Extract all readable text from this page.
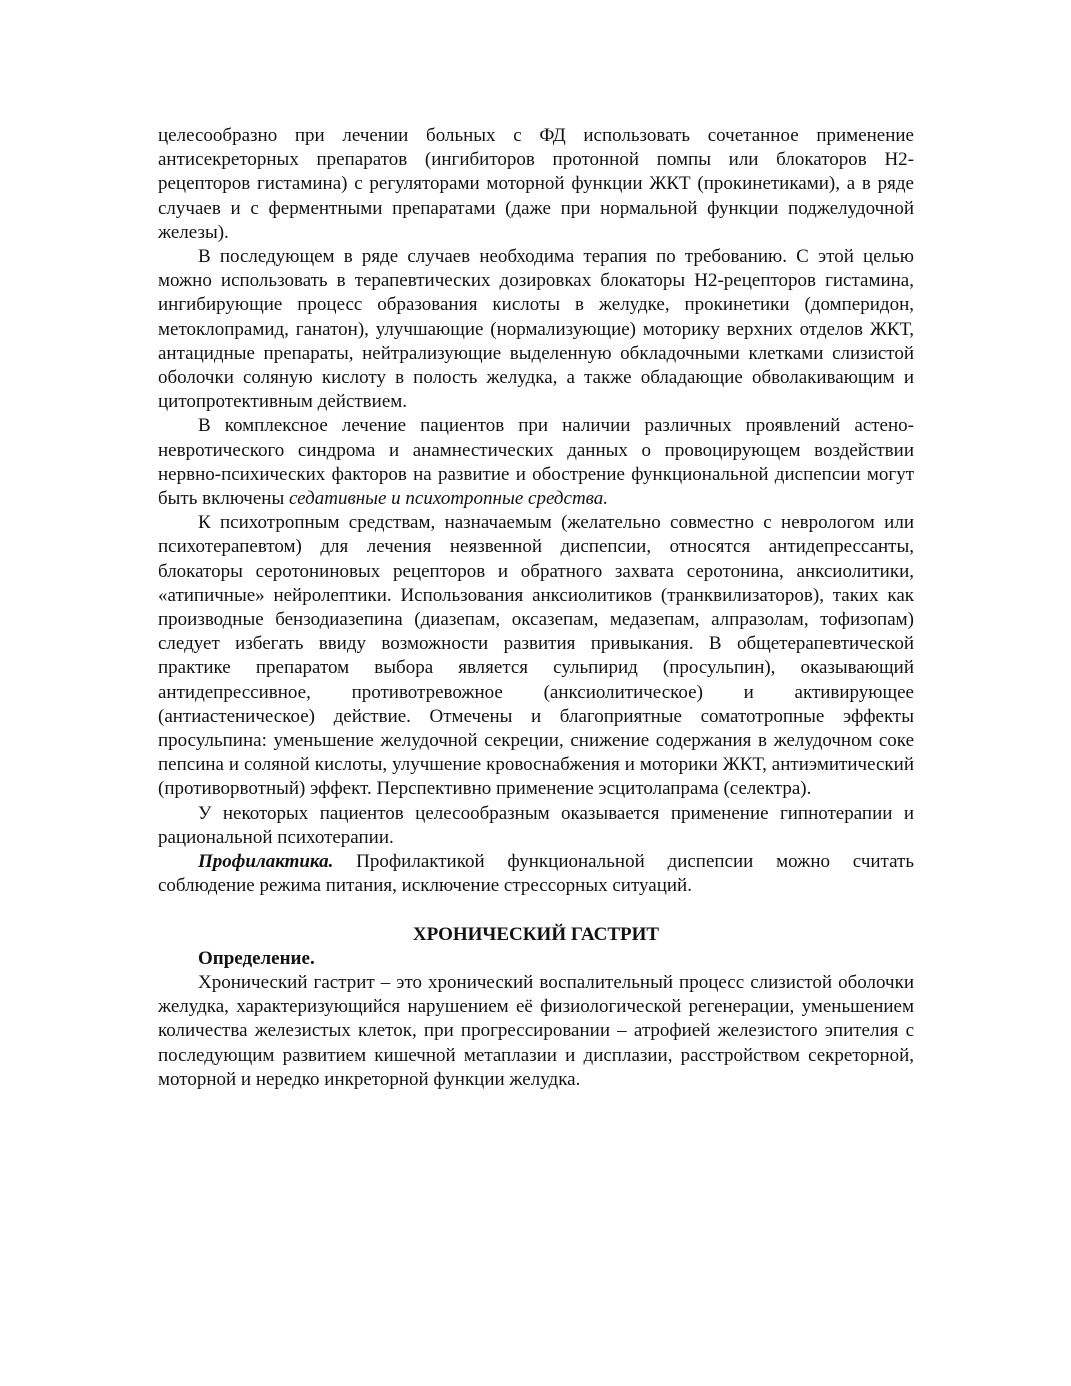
целесообразно при лечении больных с ФД использовать сочетанное применение антисекреторных препаратов (ингибиторов протонной помпы или блокаторов Н2-рецепторов гистамина) с регуляторами моторной функции ЖКТ (прокинетиками), а в ряде случаев и с ферментными препаратами (даже при нормальной функции поджелудочной железы).

В последующем в ряде случаев необходима терапия по требованию. С этой целью можно использовать в терапевтических дозировках блокаторы Н2-рецепторов гистамина, ингибирующие процесс образования кислоты в желудке, прокинетики (домперидон, метоклопрамид, ганатон), улучшающие (нормализующие) моторику верхних отделов ЖКТ, антацидные препараты, нейтрализующие выделенную обкладочными клетками слизистой оболочки соляную кислоту в полость желудка, а также обладающие обволакивающим и цитопротективным действием.

В комплексное лечение пациентов при наличии различных проявлений астено-невротического синдрома и анамнестических данных о провоцирующем воздействии нервно-психических факторов на развитие и обострение функциональной диспепсии могут быть включены седативные и психотропные средства.

К психотропным средствам, назначаемым (желательно совместно с неврологом или психотерапевтом) для лечения неязвенной диспепсии, относятся антидепрессанты, блокаторы серотониновых рецепторов и обратного захвата серотонина, анксиолитики, «атипичные» нейролептики. Использования анксиолитиков (транквилизаторов), таких как производные бензодиазепина (диазепам, оксазепам, медазепам, алпразолам, тофизопам) следует избегать ввиду возможности развития привыкания. В общетерапевтической практике препаратом выбора является сульпирид (просульпин), оказывающий антидепрессивное, противотревожное (анксиолитическое) и активирующее (антиастеническое) действие. Отмечены и благоприятные соматотропные эффекты просульпина: уменьшение желудочной секреции, снижение содержания в желудочном соке пепсина и соляной кислоты, улучшение кровоснабжения и моторики ЖКТ, антиэмитический (противорвотный) эффект. Перспективно применение эсцитолапрама (селектра).

У некоторых пациентов целесообразным оказывается применение гипнотерапии и рациональной психотерапии.

Профилактика. Профилактикой функциональной диспепсии можно считать соблюдение режима питания, исключение стрессорных ситуаций.

ХРОНИЧЕСКИЙ ГАСТРИТ

Определение.

Хронический гастрит – это хронический воспалительный процесс слизистой оболочки желудка, характеризующийся нарушением её физиологической регенерации, уменьшением количества железистых клеток, при прогрессировании – атрофией железистого эпителия с последующим развитием кишечной метаплазии и дисплазии, расстройством секреторной, моторной и нередко инкреторной функции желудка.
